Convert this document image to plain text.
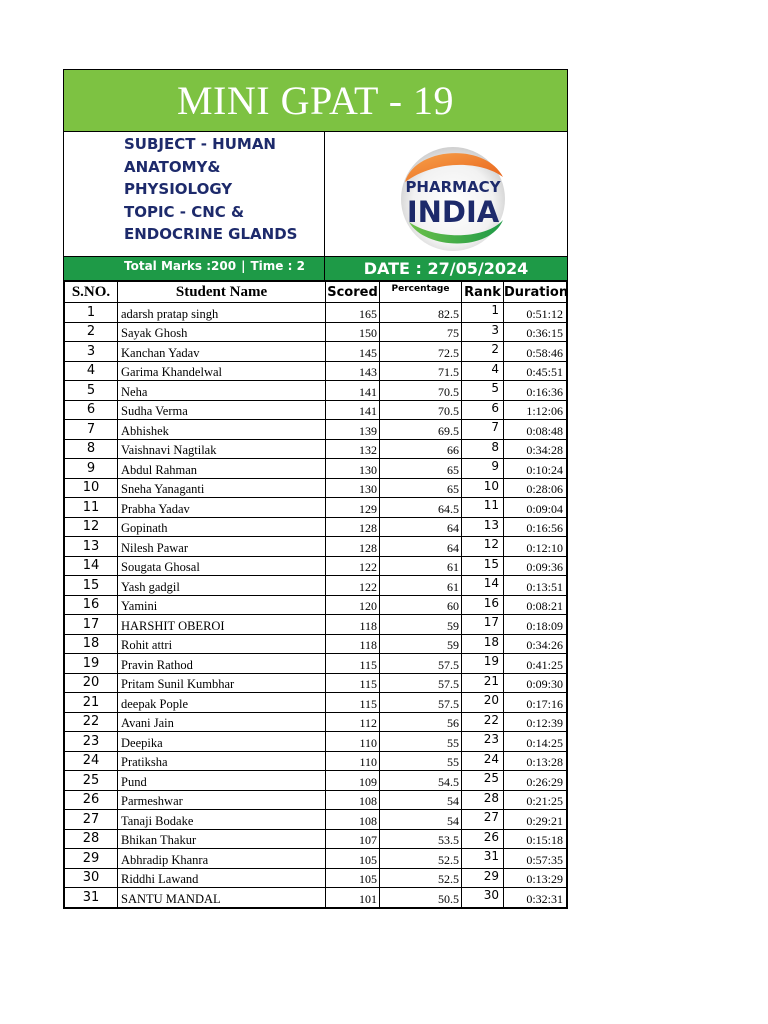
MINI GPAT - 19
SUBJECT - HUMAN
ANATOMY&
PHYSIOLOGY
TOPIC - CNC &
ENDOCRINE GLANDS
PHARMACY
INDIA
Total Marks :200 | Time : 2	DATE : 27/05/2024
S.NO.	Student Name	Scored	Percentage	Rank	Duration
1	adarsh pratap singh	165	82.5	1	0:51:12
2	Sayak Ghosh	150	75	3	0:36:15
3	Kanchan Yadav	145	72.5	2	0:58:46
4	Garima Khandelwal	143	71.5	4	0:45:51
5	Neha	141	70.5	5	0:16:36
6	Sudha Verma	141	70.5	6	1:12:06
7	Abhishek	139	69.5	7	0:08:48
8	Vaishnavi Nagtilak	132	66	8	0:34:28
9	Abdul Rahman	130	65	9	0:10:24
10	Sneha Yanaganti	130	65	10	0:28:06
11	Prabha Yadav	129	64.5	11	0:09:04
12	Gopinath	128	64	13	0:16:56
13	Nilesh Pawar	128	64	12	0:12:10
14	Sougata Ghosal	122	61	15	0:09:36
15	Yash gadgil	122	61	14	0:13:51
16	Yamini	120	60	16	0:08:21
17	HARSHIT OBEROI	118	59	17	0:18:09
18	Rohit attri	118	59	18	0:34:26
19	Pravin Rathod	115	57.5	19	0:41:25
20	Pritam Sunil Kumbhar	115	57.5	21	0:09:30
21	deepak Pople	115	57.5	20	0:17:16
22	Avani Jain	112	56	22	0:12:39
23	Deepika	110	55	23	0:14:25
24	Pratiksha	110	55	24	0:13:28
25	Pund	109	54.5	25	0:26:29
26	Parmeshwar	108	54	28	0:21:25
27	Tanaji Bodake	108	54	27	0:29:21
28	Bhikan Thakur	107	53.5	26	0:15:18
29	Abhradip Khanra	105	52.5	31	0:57:35
30	Riddhi Lawand	105	52.5	29	0:13:29
31	SANTU MANDAL	101	50.5	30	0:32:31
